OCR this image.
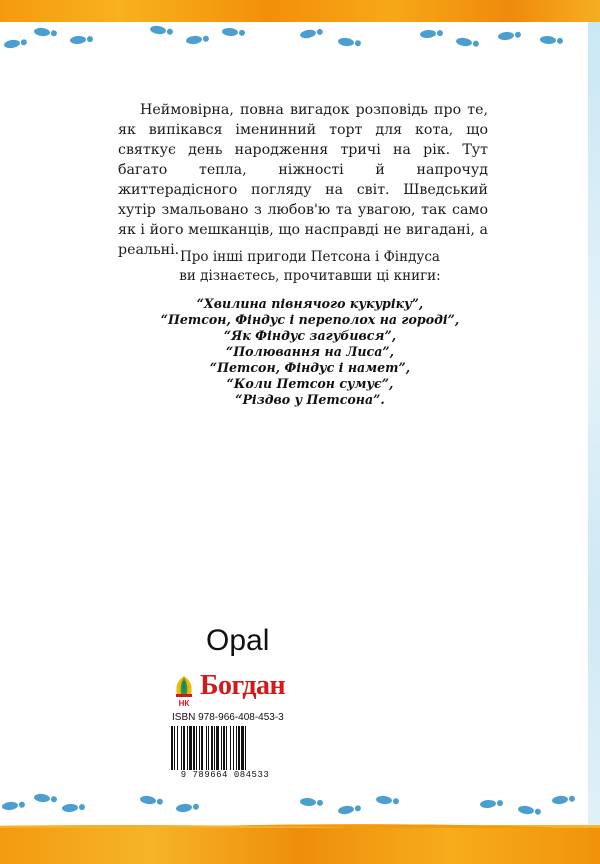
Неймовірна, повна вигадок розповідь про те, як випікався іменинний торт для кота, що святкує день народження тричі на рік. Тут багато тепла, ніжності й напрочуд життерадісного погляду на світ. Шведський хутір змальовано з любов'ю та увагою, так само як і його мешканців, що насправді не вигадані, а реальні. Про інші пригоди Петсона і Фіндуса
ви дізнаєтесь, прочитавши ці книги:

“Хвилина півнячого кукуріку”,
“Петсон, Фіндус і переполох на городі”,
“Як Фіндус загубився”,
“Полювання на Лиса”,
“Петсон, Фіндус і намет”,
“Коли Петсон сумує”,
“Різдво у Петсона”.
Opal
НК
Богдан
ISBN 978-966-408-453-3
9 789664 084533
